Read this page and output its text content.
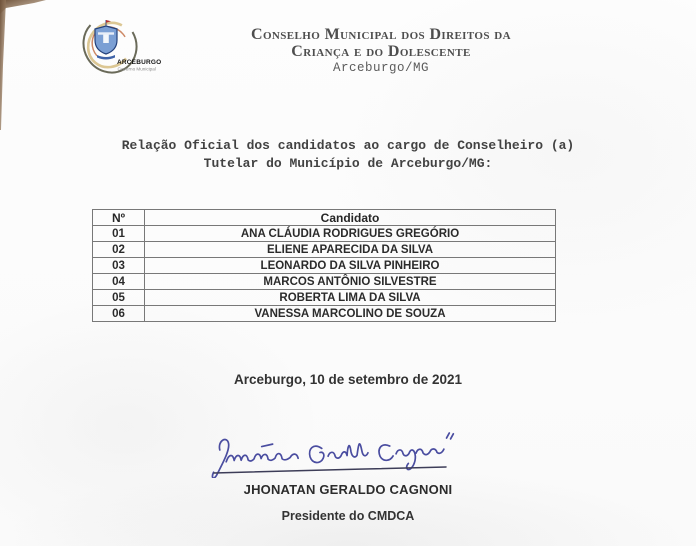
ARCEBURGO
Governo Municipal
Conselho Municipal dos Direitos da
Criança e do Dolescente
Arceburgo/MG
Relação Oficial dos candidatos ao cargo de Conselheiro (a)
Tutelar do Município de Arceburgo/MG:
Nº	Candidato
01	ANA CLÁUDIA RODRIGUES GREGÓRIO
02	ELIENE APARECIDA DA SILVA
03	LEONARDO DA SILVA PINHEIRO
04	MARCOS ANTÔNIO SILVESTRE
05	ROBERTA LIMA DA SILVA
06	VANESSA MARCOLINO DE SOUZA
Arceburgo, 10 de setembro de 2021
JHONATAN GERALDO CAGNONI
Presidente do CMDCA
